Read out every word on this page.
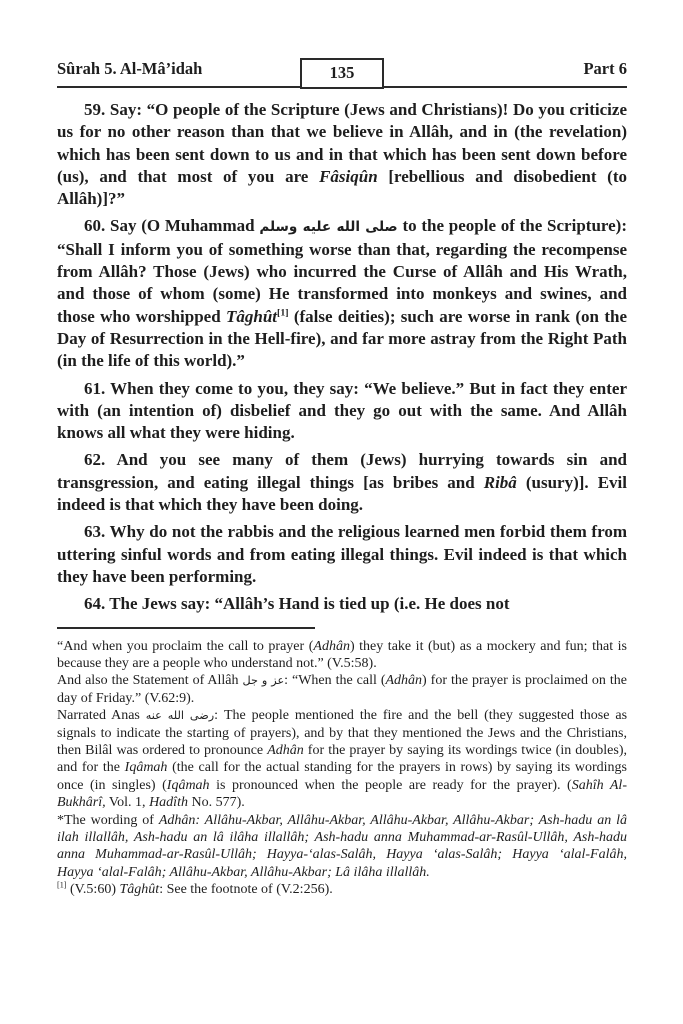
Sûrah 5. Al-Mâ’idah	135	Part 6

59. Say: “O people of the Scripture (Jews and Christians)! Do you criticize us for no other reason than that we believe in Allâh, and in (the revelation) which has been sent down to us and in that which has been sent down before (us), and that most of you are Fâsiqûn [rebellious and disobedient (to Allâh)]?”

60. Say (O Muhammad صلى الله عليه وسلم to the people of the Scripture): “Shall I inform you of something worse than that, regarding the recompense from Allâh? Those (Jews) who incurred the Curse of Allâh and His Wrath, and those of whom (some) He transformed into monkeys and swines, and those who worshipped Tâghût[1] (false deities); such are worse in rank (on the Day of Resurrection in the Hell-fire), and far more astray from the Right Path (in the life of this world).”

61. When they come to you, they say: “We believe.” But in fact they enter with (an intention of) disbelief and they go out with the same. And Allâh knows all what they were hiding.

62. And you see many of them (Jews) hurrying towards sin and transgression, and eating illegal things [as bribes and Ribâ (usury)]. Evil indeed is that which they have been doing.

63. Why do not the rabbis and the religious learned men forbid them from uttering sinful words and from eating illegal things. Evil indeed is that which they have been performing.

64. The Jews say: “Allâh’s Hand is tied up (i.e. He does not

“And when you proclaim the call to prayer (Adhân) they take it (but) as a mockery and fun; that is because they are a people who understand not.” (V.5:58).

And also the Statement of Allâh عز و جل: “When the call (Adhân) for the prayer is proclaimed on the day of Friday.” (V.62:9).

Narrated Anas رضى الله عنه: The people mentioned the fire and the bell (they suggested those as signals to indicate the starting of prayers), and by that they mentioned the Jews and the Christians, then Bilâl was ordered to pronounce Adhân for the prayer by saying its wordings twice (in doubles), and for the Iqâmah (the call for the actual standing for the prayers in rows) by saying its wordings once (in singles) (Iqâmah is pronounced when the people are ready for the prayer). (Sahîh Al-Bukhârî, Vol. 1, Hadîth No. 577).

*The wording of Adhân: Allâhu-Akbar, Allâhu-Akbar, Allâhu-Akbar, Allâhu-Akbar; Ash-hadu an lâ ilah illallâh, Ash-hadu an lâ ilâha illallâh; Ash-hadu anna Muhammad-ar-Rasûl-Ullâh, Ash-hadu anna Muhammad-ar-Rasûl-Ullâh; Hayya-‘alas-Salâh, Hayya ‘alas-Salâh; Hayya ‘alal-Falâh, Hayya ‘alal-Falâh; Allâhu-Akbar, Allâhu-Akbar; Lâ ilâha illallâh.

[1] (V.5:60) Tâghût: See the footnote of (V.2:256).
